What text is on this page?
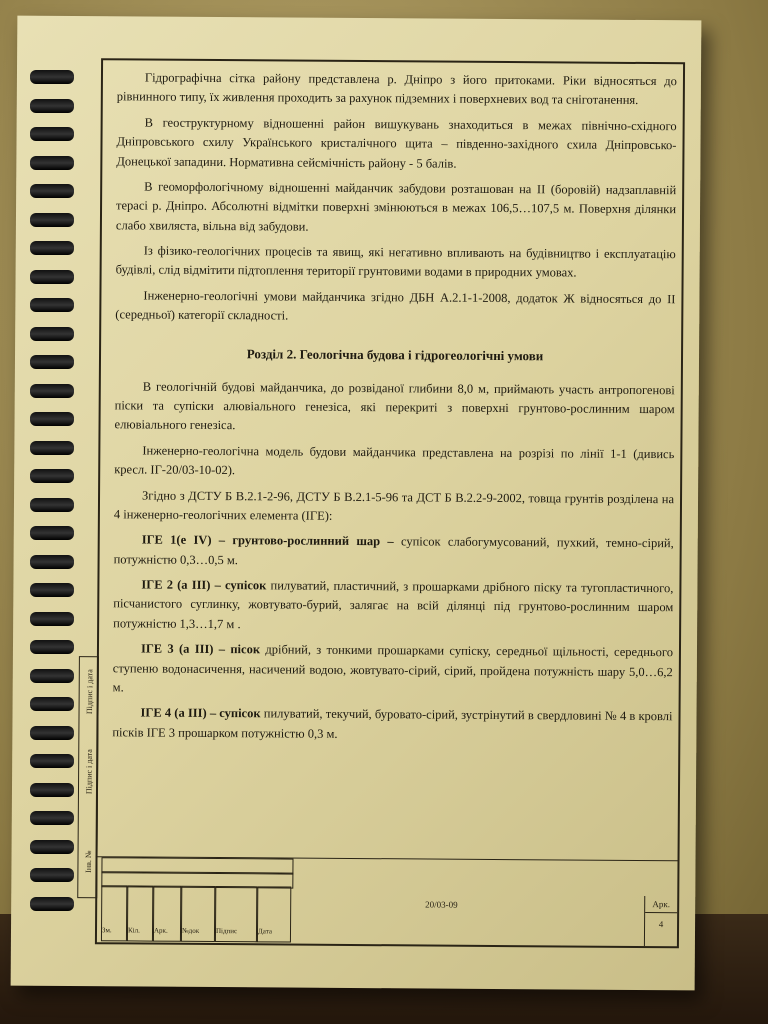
Гідрографічна сітка району представлена р. Дніпро з його притоками. Ріки відносяться до рівнинного типу, їх живлення проходить за рахунок підземних і поверхневих вод та сніготанення.

В геоструктурному відношенні район вишукувань знаходиться в межах північно-східного Дніпровського схилу Українського кристалічного щита – південно-західного схила Дніпровсько-Донецької западини. Нормативна сейсмічність району - 5 балів.

В геоморфологічному відношенні майданчик забудови розташован на II (боровій) надзаплавній терасі р. Дніпро. Абсолютні відмітки поверхні змінюються в межах 106,5…107,5 м. Поверхня ділянки слабо хвиляста, вільна від забудови.

Із фізико-геологічних процесів та явищ, які негативно впливають на будівництво і експлуатацію будівлі, слід відмітити підтоплення території грунтовими водами в природних умовах.

Інженерно-геологічні умови майданчика згідно ДБН А.2.1-1-2008, додаток Ж відносяться до II (середньої) категорії складності.

Розділ 2. Геологічна будова і гідрогеологічні умови

В геологічній будові майданчика, до розвіданої глибини 8,0 м, приймають участь антропогенові піски та супіски алювіального генезіса, які перекриті з поверхні грунтово-рослинним шаром елювіального генезіса.

Інженерно-геологічна модель будови майданчика представлена на розрізі по лінії 1-1 (дивись кресл. ІГ-20/03-10-02).

Згідно з ДСТУ Б В.2.1-2-96, ДСТУ Б В.2.1-5-96 та ДСТ Б В.2.2-9-2002, товща грунтів розділена на 4 інженерно-геологічних елемента (ІГЕ):

ІГЕ 1(е IV) – грунтово-рослинний шар – супісок слабогумусований, пухкий, темно-сірий, потужністю 0,3…0,5 м.

ІГЕ 2 (а III) – супісок пилуватий, пластичний, з прошарками дрібного піску та тугопластичного, пісчанистого суглинку, жовтувато-бурий, залягає на всій ділянці під грунтово-рослинним шаром потужністю 1,3…1,7 м .

ІГЕ 3 (а III) – пісок дрібний, з тонкими прошарками супіску, середньої щільності, середнього ступеню водонасичення, насичений водою, жовтувато-сірий, сірий, пройдена потужність шару 5,0…6,2 м.

ІГЕ 4 (а III) – супісок пилуватий, текучий, буровато-сірий, зустрінутий в свердловині № 4 в кровлі пісків ІГЕ 3 прошарком потужністю 0,3 м.

Підпис і дата
Підпис і дата
Інв. №
Зм.	Кіл.	Арк.	№док	Підпис	Дата
20/03-09	Арк.
4
